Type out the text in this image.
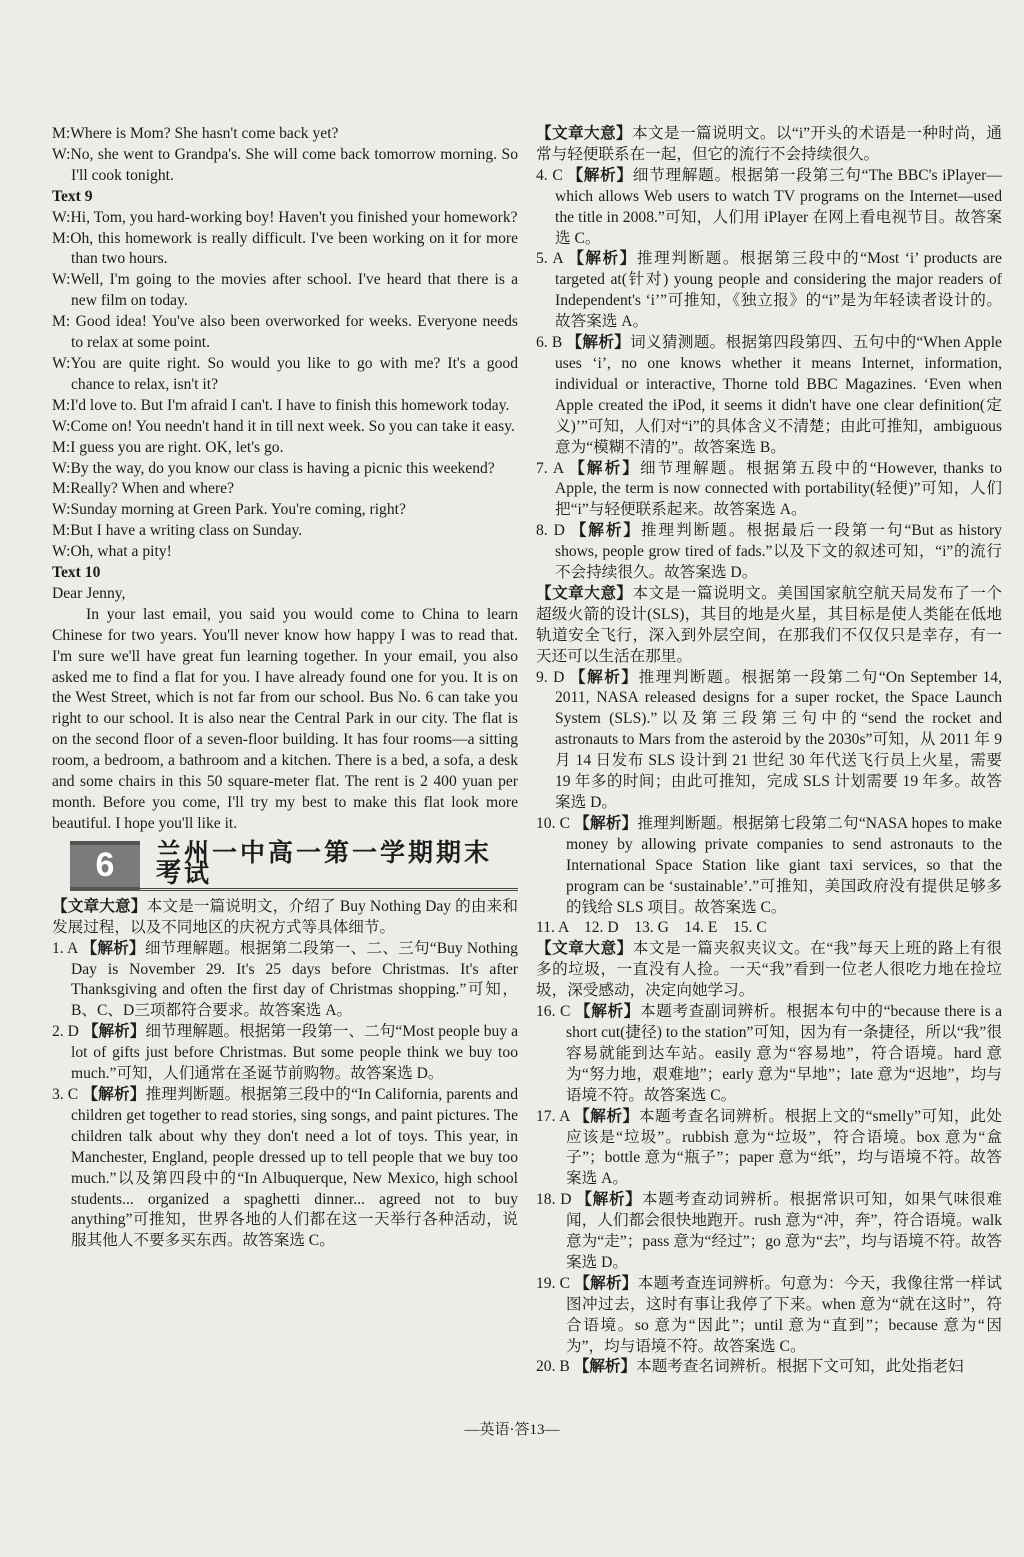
M:Where is Mom? She hasn't come back yet?

W:No, she went to Grandpa's. She will come back tomorrow morning. So I'll cook tonight.

Text 9

W:Hi, Tom, you hard-working boy! Haven't you finished your homework?

M:Oh, this homework is really difficult. I've been working on it for more than two hours.

W:Well, I'm going to the movies after school. I've heard that there is a new film on today.

M: Good idea! You've also been overworked for weeks. Everyone needs to relax at some point.

W:You are quite right. So would you like to go with me? It's a good chance to relax, isn't it?

M:I'd love to. But I'm afraid I can't. I have to finish this homework today.

W:Come on! You needn't hand it in till next week. So you can take it easy.

M:I guess you are right. OK, let's go.

W:By the way, do you know our class is having a picnic this weekend?

M:Really? When and where?

W:Sunday morning at Green Park. You're coming, right?

M:But I have a writing class on Sunday.

W:Oh, what a pity!

Text 10

Dear Jenny,

In your last email, you said you would come to China to learn Chinese for two years. You'll never know how happy I was to read that. I'm sure we'll have great fun learning together. In your email, you also asked me to find a flat for you. I have already found one for you. It is on the West Street, which is not far from our school. Bus No. 6 can take you right to our school. It is also near the Central Park in our city. The flat is on the second floor of a seven-floor building. It has four rooms—a sitting room, a bedroom, a bathroom and a kitchen. There is a bed, a sofa, a desk and some chairs in this 50 square-meter flat. The rent is 2 400 yuan per month. Before you come, I'll try my best to make this flat look more beautiful. I hope you'll like it.

6	兰州一中高一第一学期期末考试

【文章大意】本文是一篇说明文，介绍了 Buy Nothing Day 的由来和发展过程，以及不同地区的庆祝方式等具体细节。

1. A 【解析】细节理解题。根据第二段第一、二、三句“Buy Nothing Day is November 29. It's 25 days before Christmas. It's after Thanksgiving and often the first day of Christmas shopping.”可知，B、C、D三项都符合要求。故答案选 A。

2. D 【解析】细节理解题。根据第一段第一、二句“Most people buy a lot of gifts just before Christmas. But some people think we buy too much.”可知，人们通常在圣诞节前购物。故答案选 D。

3. C 【解析】推理判断题。根据第三段中的“In California, parents and children get together to read stories, sing songs, and paint pictures. The children talk about why they don't need a lot of toys. This year, in Manchester, England, people dressed up to tell people that we buy too much.”以及第四段中的“In Albuquerque, New Mexico, high school students... organized a spaghetti dinner... agreed not to buy anything”可推知，世界各地的人们都在这一天举行各种活动，说服其他人不要多买东西。故答案选 C。

【文章大意】本文是一篇说明文。以“i”开头的术语是一种时尚，通常与轻便联系在一起，但它的流行不会持续很久。

4. C 【解析】细节理解题。根据第一段第三句“The BBC's iPlayer—which allows Web users to watch TV programs on the Internet—used the title in 2008.”可知，人们用 iPlayer 在网上看电视节目。故答案选 C。

5. A 【解析】推理判断题。根据第三段中的“Most ‘i’ products are targeted at(针对) young people and considering the major readers of Independent's ‘i’”可推知，《独立报》的“i”是为年轻读者设计的。故答案选 A。

6. B 【解析】词义猜测题。根据第四段第四、五句中的“When Apple uses ‘i’, no one knows whether it means Internet, information, individual or interactive, Thorne told BBC Magazines. ‘Even when Apple created the iPod, it seems it didn't have one clear definition(定义)’”可知，人们对“i”的具体含义不清楚；由此可推知，ambiguous 意为“模糊不清的”。故答案选 B。

7. A 【解析】细节理解题。根据第五段中的“However, thanks to Apple, the term is now connected with portability(轻便)”可知，人们把“i”与轻便联系起来。故答案选 A。

8. D 【解析】推理判断题。根据最后一段第一句“But as history shows, people grow tired of fads.”以及下文的叙述可知，“i”的流行不会持续很久。故答案选 D。

【文章大意】本文是一篇说明文。美国国家航空航天局发布了一个超级火箭的设计(SLS)，其目的地是火星，其目标是使人类能在低地轨道安全飞行，深入到外层空间，在那我们不仅仅只是幸存，有一天还可以生活在那里。

9. D 【解析】推理判断题。根据第一段第二句“On September 14, 2011, NASA released designs for a super rocket, the Space Launch System (SLS).”以及第三段第三句中的“send the rocket and astronauts to Mars from the asteroid by the 2030s”可知，从 2011 年 9 月 14 日发布 SLS 设计到 21 世纪 30 年代送飞行员上火星，需要 19 年多的时间；由此可推知，完成 SLS 计划需要 19 年多。故答案选 D。

10. C 【解析】推理判断题。根据第七段第二句“NASA hopes to make money by allowing private companies to send astronauts to the International Space Station like giant taxi services, so that the program can be ‘sustainable’.”可推知，美国政府没有提供足够多的钱给 SLS 项目。故答案选 C。

11. A　12. D　13. G　14. E　15. C

【文章大意】本文是一篇夹叙夹议文。在“我”每天上班的路上有很多的垃圾，一直没有人捡。一天“我”看到一位老人很吃力地在捡垃圾，深受感动，决定向她学习。

16. C 【解析】本题考查副词辨析。根据本句中的“because there is a short cut(捷径) to the station”可知，因为有一条捷径，所以“我”很容易就能到达车站。easily 意为“容易地”，符合语境。hard 意为“努力地，艰难地”；early 意为“早地”；late 意为“迟地”，均与语境不符。故答案选 C。

17. A 【解析】本题考查名词辨析。根据上文的“smelly”可知，此处应该是“垃圾”。rubbish 意为“垃圾”，符合语境。box 意为“盒子”；bottle 意为“瓶子”；paper 意为“纸”，均与语境不符。故答案选 A。

18. D 【解析】本题考查动词辨析。根据常识可知，如果气味很难闻，人们都会很快地跑开。rush 意为“冲，奔”，符合语境。walk 意为“走”；pass 意为“经过”；go 意为“去”，均与语境不符。故答案选 D。

19. C 【解析】本题考查连词辨析。句意为：今天，我像往常一样试图冲过去，这时有事让我停了下来。when 意为“就在这时”，符合语境。so 意为“因此”；until 意为“直到”；because 意为“因为”，均与语境不符。故答案选 C。

20. B 【解析】本题考查名词辨析。根据下文可知，此处指老妇

—英语·答13—
